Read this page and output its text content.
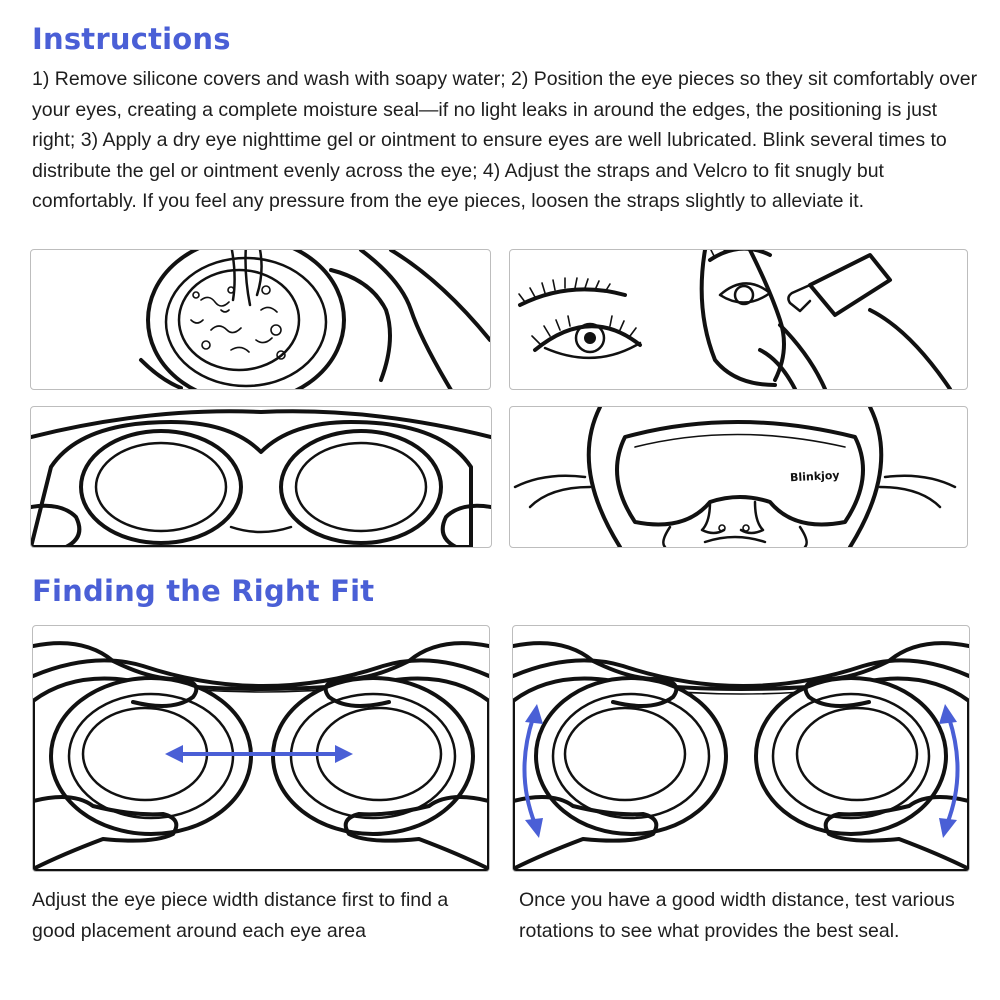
Instructions

1) Remove silicone covers and wash with soapy water; 2) Position the eye pieces so they sit comfortably over your eyes, creating a complete moisture seal—if no light leaks in around the edges, the positioning is just right; 3) Apply a dry eye nighttime gel or ointment to ensure eyes are well lubricated. Blink several times to distribute the gel or ointment evenly across the eye; 4) Adjust the straps and Velcro to fit snugly but comfortably. If you feel any pressure from the eye pieces, loosen the straps slightly to alleviate it.

Blinkjoy
Finding the Right Fit

Adjust the eye piece width distance first to find a good placement around each eye area

Once you have a good width distance, test various rotations to see what provides the best seal.
